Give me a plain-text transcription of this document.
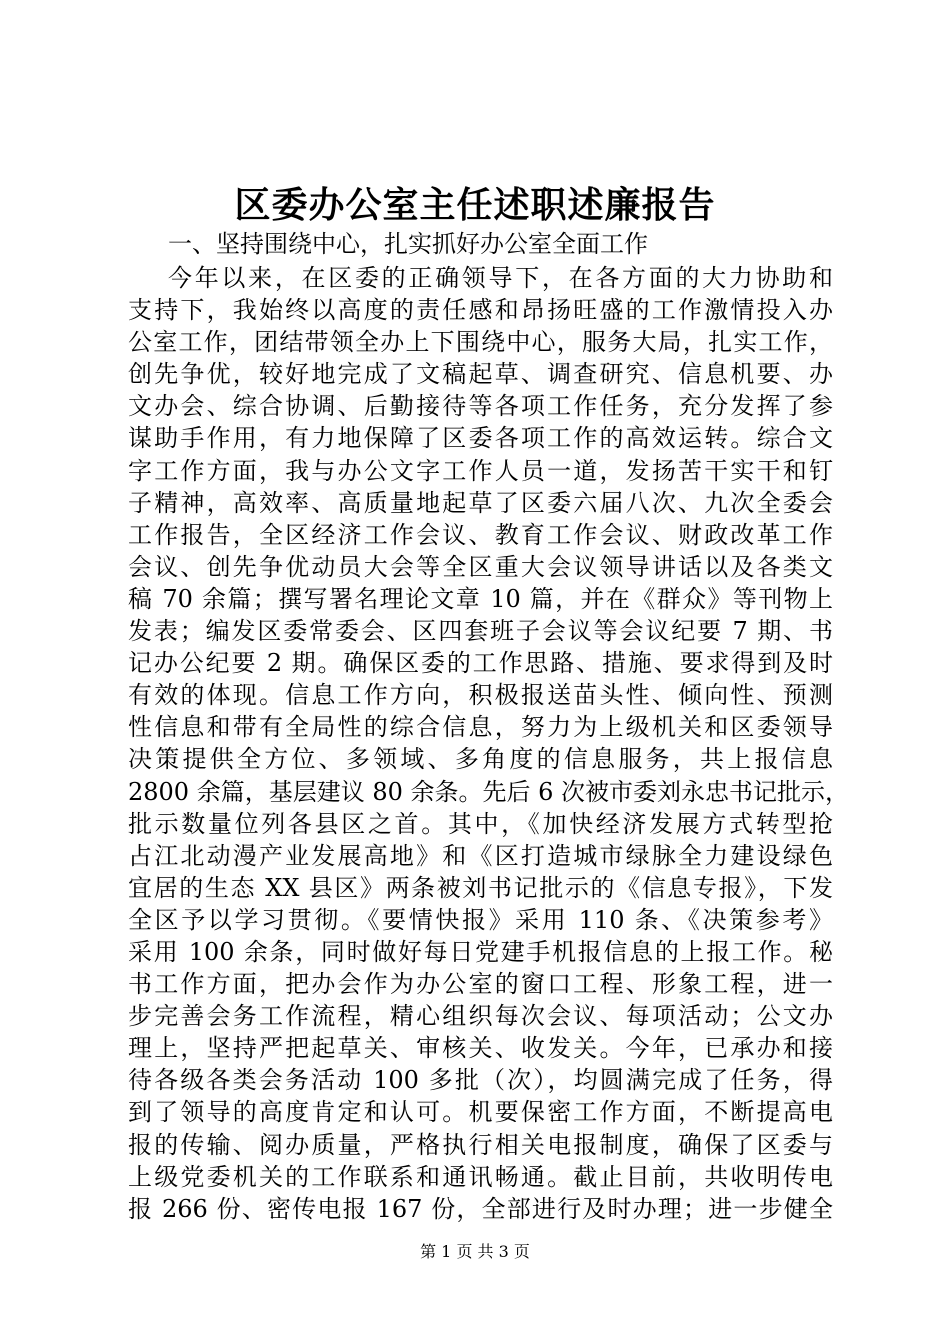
区委办公室主任述职述廉报告
一、坚持围绕中心，扎实抓好办公室全面工作
今年以来，在区委的正确领导下，在各方面的大力协助和
支持下，我始终以高度的责任感和昂扬旺盛的工作激情投入办
公室工作，团结带领全办上下围绕中心，服务大局，扎实工作，
创先争优，较好地完成了文稿起草、调查研究、信息机要、办
文办会、综合协调、后勤接待等各项工作任务，充分发挥了参
谋助手作用，有力地保障了区委各项工作的高效运转。综合文
字工作方面，我与办公文字工作人员一道，发扬苦干实干和钉
子精神，高效率、高质量地起草了区委六届八次、九次全委会
工作报告，全区经济工作会议、教育工作会议、财政改革工作
会议、创先争优动员大会等全区重大会议领导讲话以及各类文
稿 70 余篇；撰写署名理论文章 10 篇，并在《群众》等刊物上
发表；编发区委常委会、区四套班子会议等会议纪要 7 期、书
记办公纪要 2 期。确保区委的工作思路、措施、要求得到及时
有效的体现。信息工作方向，积极报送苗头性、倾向性、预测
性信息和带有全局性的综合信息，努力为上级机关和区委领导
决策提供全方位、多领域、多角度的信息服务，共上报信息
2800 余篇，基层建议 80 余条。先后 6 次被市委刘永忠书记批示，
批示数量位列各县区之首。其中，《加快经济发展方式转型抢
占江北动漫产业发展高地》和《区打造城市绿脉全力建设绿色
宜居的生态 XX 县区》两条被刘书记批示的《信息专报》，下发
全区予以学习贯彻。《要情快报》采用 110 条、《决策参考》
采用 100 余条，同时做好每日党建手机报信息的上报工作。秘
书工作方面，把办会作为办公室的窗口工程、形象工程，进一
步完善会务工作流程，精心组织每次会议、每项活动；公文办
理上，坚持严把起草关、审核关、收发关。今年，已承办和接
待各级各类会务活动 100 多批（次），均圆满完成了任务，得
到了领导的高度肯定和认可。机要保密工作方面，不断提高电
报的传输、阅办质量，严格执行相关电报制度，确保了区委与
上级党委机关的工作联系和通讯畅通。截止目前，共收明传电
报 266 份、密传电报 167 份，全部进行及时办理；进一步健全
第 1 页 共 3 页
